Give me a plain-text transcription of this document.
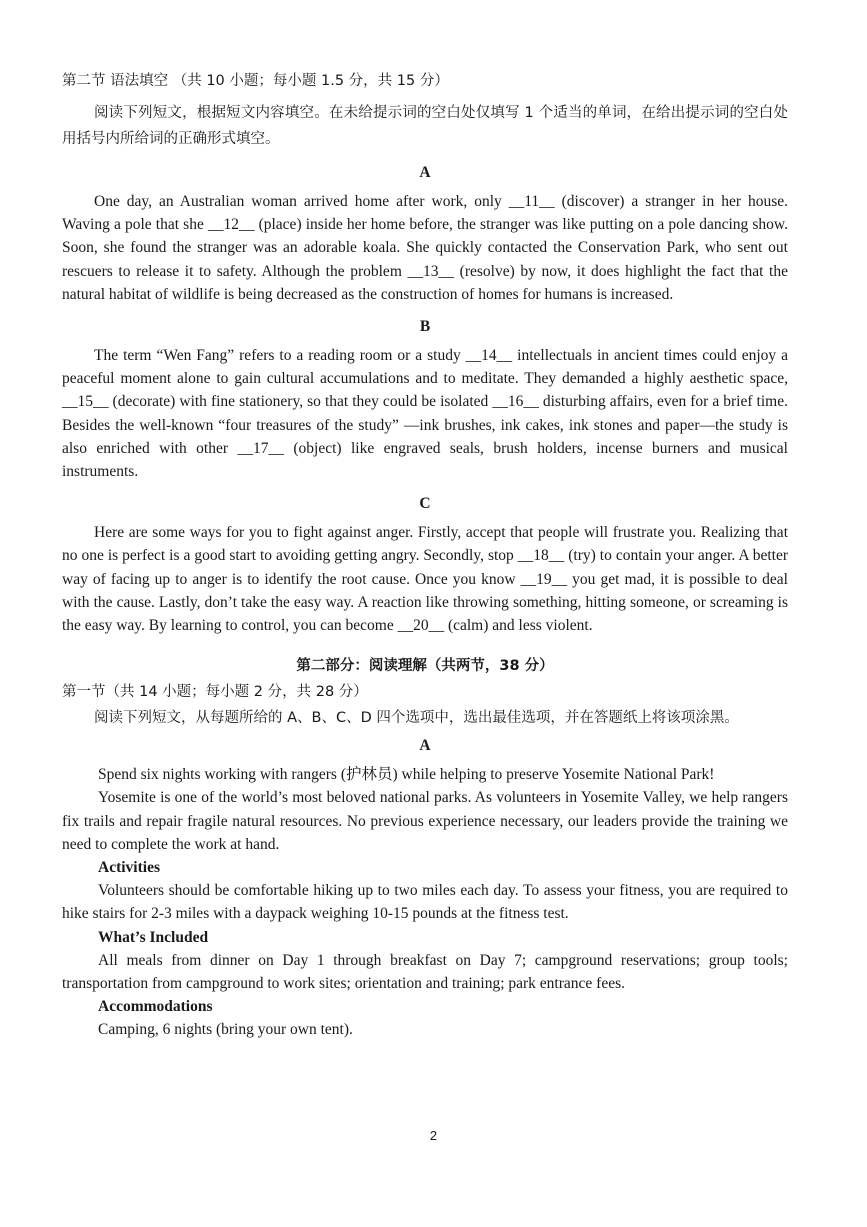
第二节 语法填空 （共 10 小题；每小题 1.5 分，共 15 分）

阅读下列短文，根据短文内容填空。在未给提示词的空白处仅填写 1 个适当的单词，在给出提示词的空白处用括号内所给词的正确形式填空。

A

One day, an Australian woman arrived home after work, only __11__ (discover) a stranger in her house. Waving a pole that she __12__ (place) inside her home before, the stranger was like putting on a pole dancing show. Soon, she found the stranger was an adorable koala. She quickly contacted the Conservation Park, who sent out rescuers to release it to safety. Although the problem __13__ (resolve) by now, it does highlight the fact that the natural habitat of wildlife is being decreased as the construction of homes for humans is increased.

B

The term “Wen Fang” refers to a reading room or a study __14__ intellectuals in ancient times could enjoy a peaceful moment alone to gain cultural accumulations and to meditate. They demanded a highly aesthetic space, __15__ (decorate) with fine stationery, so that they could be isolated __16__ disturbing affairs, even for a brief time. Besides the well-known “four treasures of the study” —ink brushes, ink cakes, ink stones and paper—the study is also enriched with other __17__ (object) like engraved seals, brush holders, incense burners and musical instruments.

C

Here are some ways for you to fight against anger. Firstly, accept that people will frustrate you. Realizing that no one is perfect is a good start to avoiding getting angry. Secondly, stop __18__ (try) to contain your anger. A better way of facing up to anger is to identify the root cause. Once you know __19__ you get mad, it is possible to deal with the cause. Lastly, don’t take the easy way. A reaction like throwing something, hitting someone, or screaming is the easy way. By learning to control, you can become __20__ (calm) and less violent.

第二部分：阅读理解（共两节，38 分）

第一节（共 14 小题；每小题 2 分，共 28 分）

阅读下列短文，从每题所给的 A、B、C、D 四个选项中，选出最佳选项，并在答题纸上将该项涂黑。

A

Spend six nights working with rangers (护林员) while helping to preserve Yosemite National Park!

Yosemite is one of the world’s most beloved national parks. As volunteers in Yosemite Valley, we help rangers fix trails and repair fragile natural resources. No previous experience necessary, our leaders provide the training we need to complete the work at hand.

Activities

Volunteers should be comfortable hiking up to two miles each day. To assess your fitness, you are required to hike stairs for 2-3 miles with a daypack weighing 10-15 pounds at the fitness test.

What’s Included

All meals from dinner on Day 1 through breakfast on Day 7; campground reservations; group tools; transportation from campground to work sites; orientation and training; park entrance fees.

Accommodations

Camping, 6 nights (bring your own tent).

2
